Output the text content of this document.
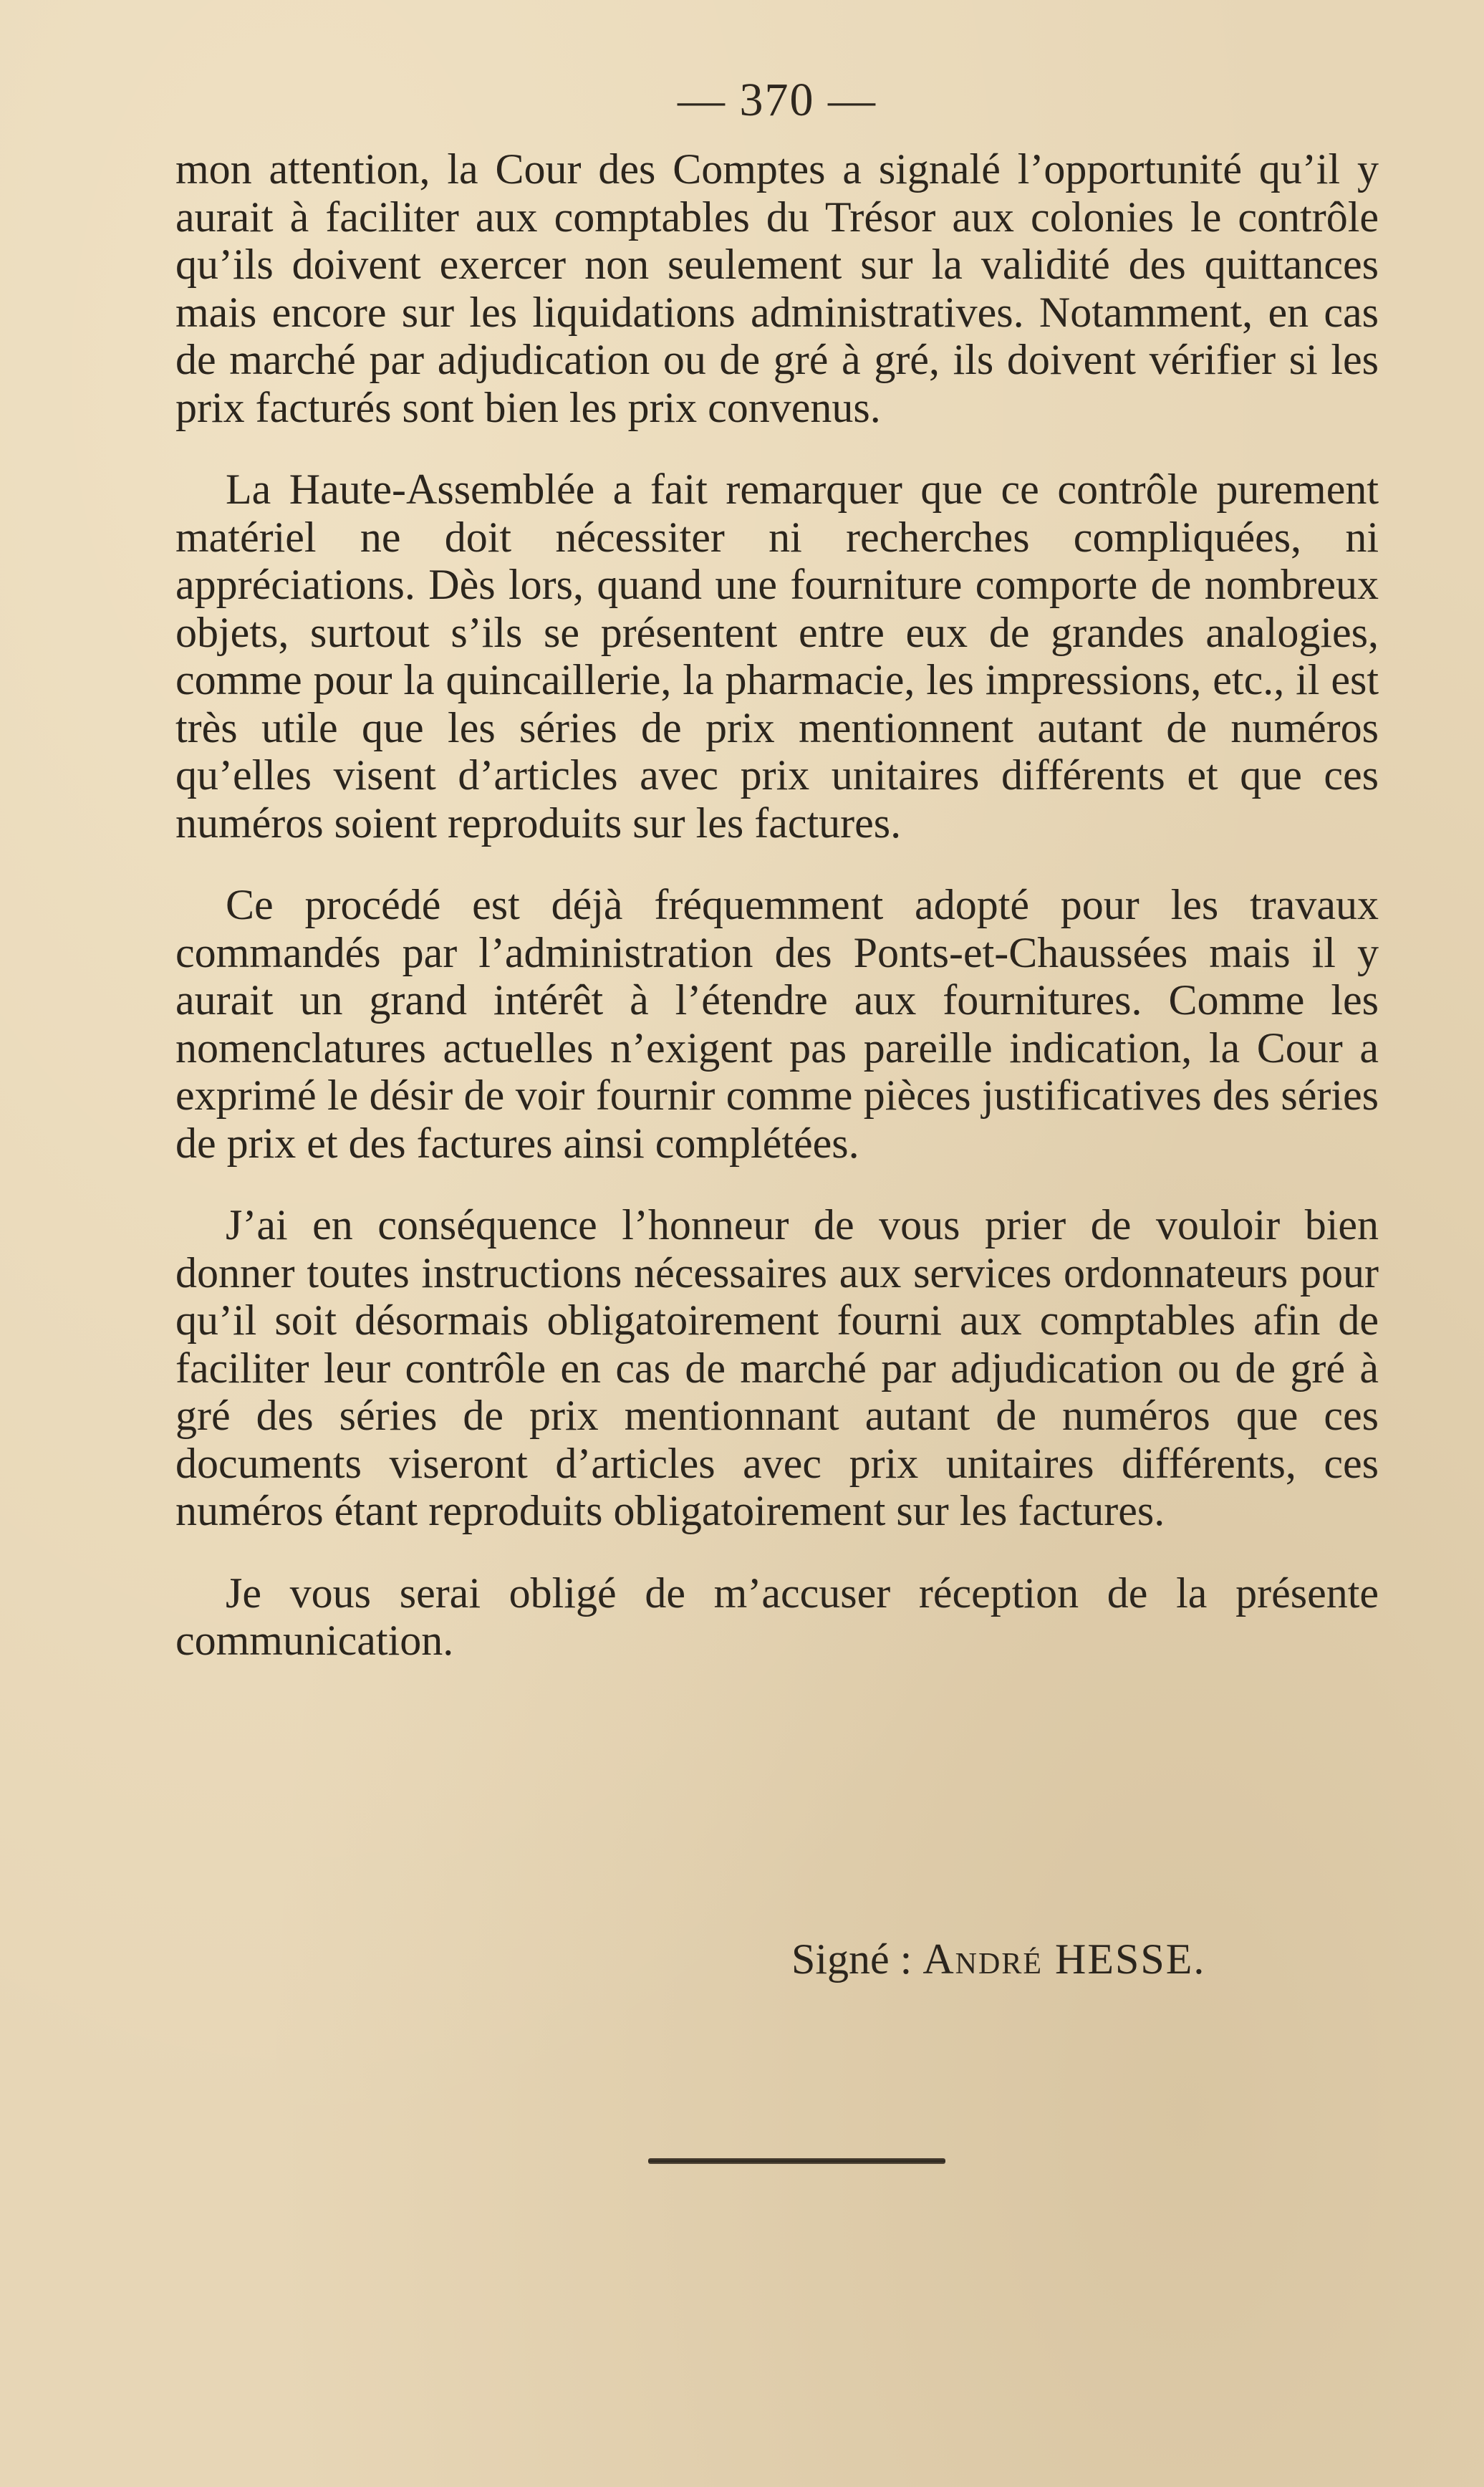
— 370 —

mon attention, la Cour des Comptes a signalé l’opportunité qu’il y aurait à faciliter aux comptables du Trésor aux colonies le contrôle qu’ils doivent exercer non seulement sur la validité des quittances mais encore sur les liquidations administratives. Notamment, en cas de marché par adjudication ou de gré à gré, ils doivent vérifier si les prix facturés sont bien les prix convenus.

La Haute-Assemblée a fait remarquer que ce contrôle purement matériel ne doit nécessiter ni recherches compliquées, ni appréciations. Dès lors, quand une fourniture comporte de nombreux objets, surtout s’ils se présentent entre eux de grandes analogies, comme pour la quincaillerie, la pharmacie, les impressions, etc., il est très utile que les séries de prix mentionnent autant de numéros qu’elles visent d’articles avec prix unitaires différents et que ces numéros soient reproduits sur les factures.

Ce procédé est déjà fréquemment adopté pour les travaux commandés par l’administration des Ponts-et-Chaussées mais il y aurait un grand intérêt à l’étendre aux fournitures. Comme les nomenclatures actuelles n’exigent pas pareille indication, la Cour a exprimé le désir de voir fournir comme pièces justificatives des séries de prix et des factures ainsi complétées.

J’ai en conséquence l’honneur de vous prier de vouloir bien donner toutes instructions nécessaires aux services ordonnateurs pour qu’il soit désormais obligatoirement fourni aux comptables afin de faciliter leur contrôle en cas de marché par adjudication ou de gré à gré des séries de prix mentionnant autant de numéros que ces documents viseront d’articles avec prix unitaires différents, ces numéros étant reproduits obligatoirement sur les factures.

Je vous serai obligé de m’accuser réception de la présente communication.

Signé : André HESSE.
